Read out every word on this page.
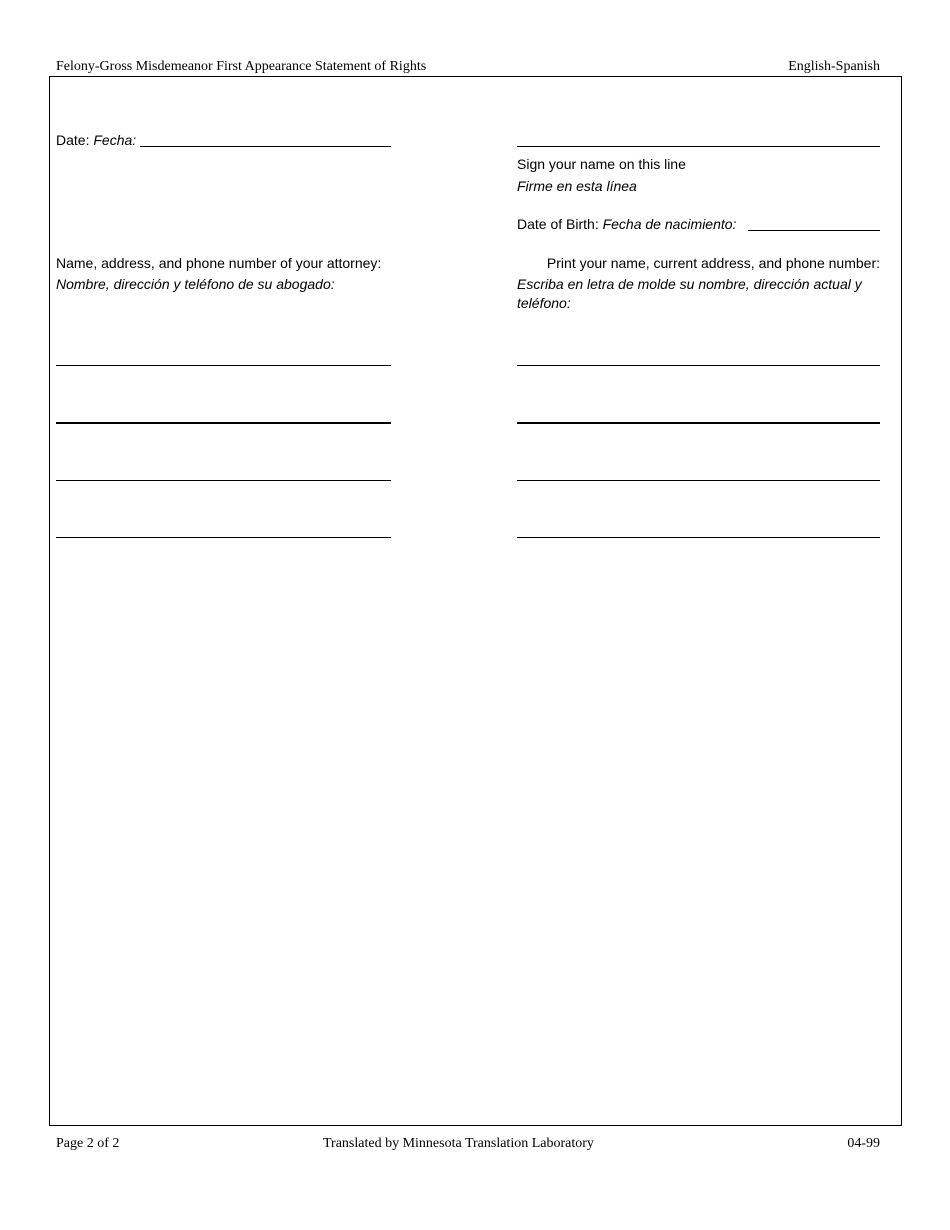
Felony-Gross Misdemeanor First Appearance Statement of Rights	English-Spanish
Date: Fecha:
Sign your name on this line
Firme en esta línea
Date of Birth: Fecha de nacimiento:
Name, address, and phone number of your attorney:
Nombre, dirección y teléfono de su abogado:
Print your name, current address, and phone number:
Escriba en letra de molde su nombre, dirección actual y
teléfono:
Page 2 of 2	Translated by Minnesota Translation Laboratory	04-99
